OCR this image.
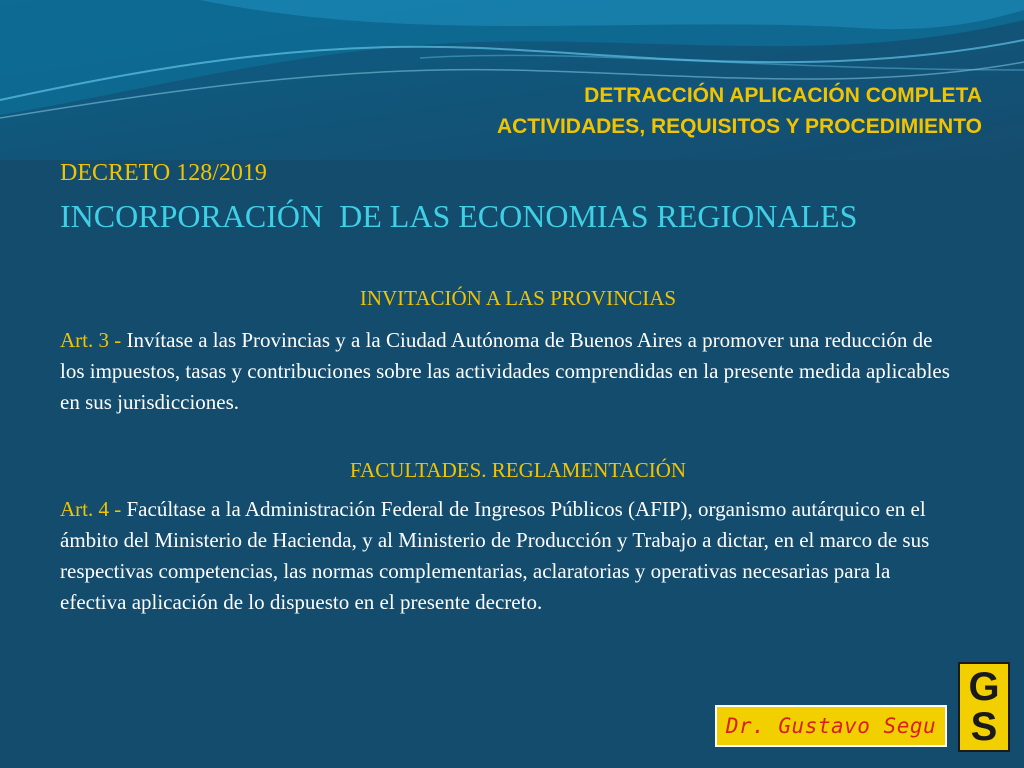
DETRACCIÓN APLICACIÓN COMPLETA
ACTIVIDADES, REQUISITOS Y PROCEDIMIENTO
DECRETO 128/2019
INCORPORACIÓN  DE LAS ECONOMIAS REGIONALES
INVITACIÓN A LAS PROVINCIAS
Art. 3 - Invítase a las Provincias y a la Ciudad Autónoma de Buenos Aires a promover una reducción de los impuestos, tasas y contribuciones sobre las actividades comprendidas en la presente medida aplicables en sus jurisdicciones.
FACULTADES. REGLAMENTACIÓN
Art. 4 - Facúltase a la Administración Federal de Ingresos Públicos (AFIP), organismo autárquico en el ámbito del Ministerio de Hacienda, y al Ministerio de Producción y Trabajo a dictar, en el marco de sus respectivas competencias, las normas complementarias, aclaratorias y operativas necesarias para la efectiva aplicación de lo dispuesto en el presente decreto.
Dr. Gustavo Segu
G
S
